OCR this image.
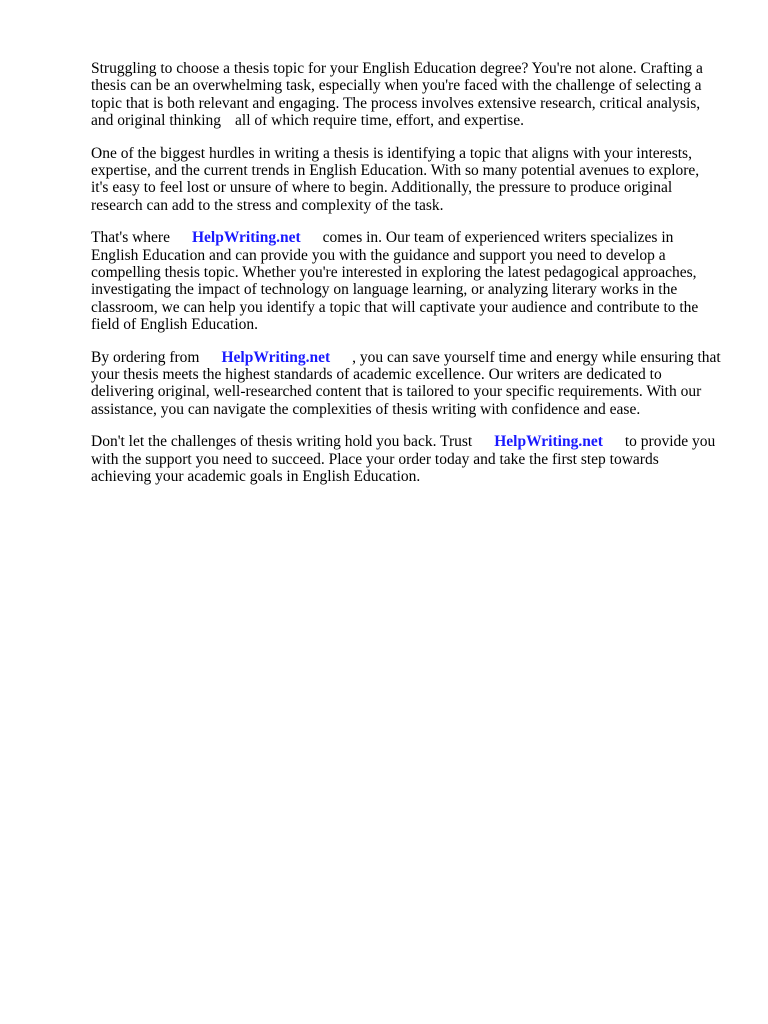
Struggling to choose a thesis topic for your English Education degree? You're not alone. Crafting a
thesis can be an overwhelming task, especially when you're faced with the challenge of selecting a
topic that is both relevant and engaging. The process involves extensive research, critical analysis,
and original thinking all of which require time, effort, and expertise.

One of the biggest hurdles in writing a thesis is identifying a topic that aligns with your interests,
expertise, and the current trends in English Education. With so many potential avenues to explore,
it's easy to feel lost or unsure of where to begin. Additionally, the pressure to produce original
research can add to the stress and complexity of the task.

That's where HelpWriting.net comes in. Our team of experienced writers specializes in
English Education and can provide you with the guidance and support you need to develop a
compelling thesis topic. Whether you're interested in exploring the latest pedagogical approaches,
investigating the impact of technology on language learning, or analyzing literary works in the
classroom, we can help you identify a topic that will captivate your audience and contribute to the
field of English Education.

By ordering from HelpWriting.net , you can save yourself time and energy while ensuring that
your thesis meets the highest standards of academic excellence. Our writers are dedicated to
delivering original, well-researched content that is tailored to your specific requirements. With our
assistance, you can navigate the complexities of thesis writing with confidence and ease.

Don't let the challenges of thesis writing hold you back. Trust HelpWriting.net to provide you
with the support you need to succeed. Place your order today and take the first step towards
achieving your academic goals in English Education.
